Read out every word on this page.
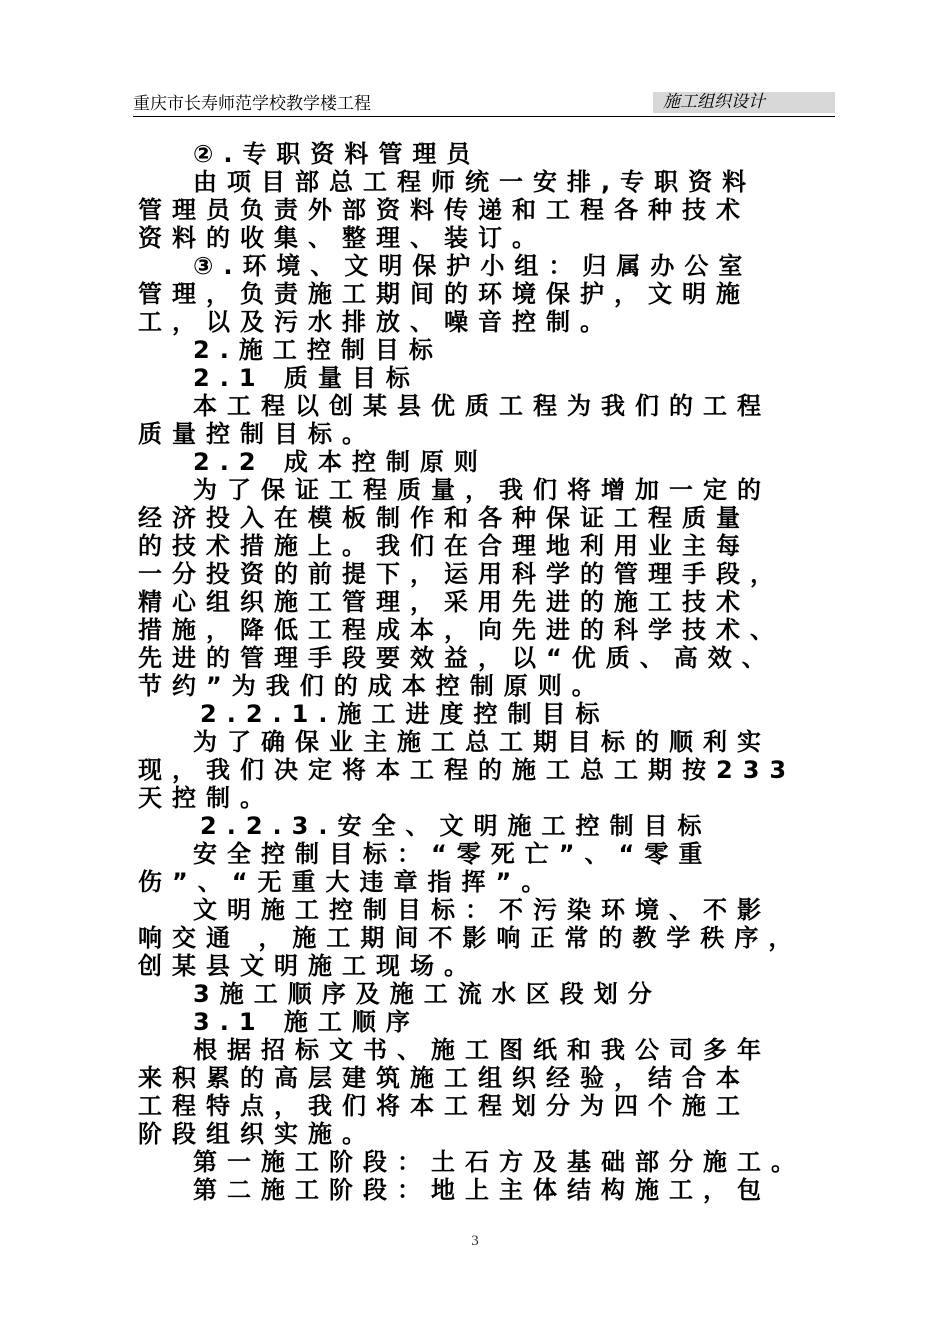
重庆市长寿师范学校教学楼工程	施工组织设计
②.专职资料管理员
由项目部总工程师统一安排,专职资料
管理员负责外部资料传递和工程各种技术
资料的收集、整理、装订。
③.环境、文明保护小组：归属办公室
管理，负责施工期间的环境保护，文明施
工，以及污水排放、噪音控制。
2.施工控制目标
2.1 质量目标
本工程以创某县优质工程为我们的工程
质量控制目标。
2.2 成本控制原则
为了保证工程质量，我们将增加一定的
经济投入在模板制作和各种保证工程质量
的技术措施上。我们在合理地利用业主每
一分投资的前提下，运用科学的管理手段，
精心组织施工管理，采用先进的施工技术
措施，降低工程成本，向先进的科学技术、
先进的管理手段要效益，以“优质、高效、
节约”为我们的成本控制原则。
2.2.1.施工进度控制目标
为了确保业主施工总工期目标的顺利实
现，我们决定将本工程的施工总工期按233
天控制。
2.2.3.安全、文明施工控制目标
安全控制目标：“零死亡”、“零重
伤”、“无重大违章指挥”。
文明施工控制目标：不污染环境、不影
响交通 ，施工期间不影响正常的教学秩序，
创某县文明施工现场。
3施工顺序及施工流水区段划分
3.1 施工顺序
根据招标文书、施工图纸和我公司多年
来积累的高层建筑施工组织经验，结合本
工程特点，我们将本工程划分为四个施工
阶段组织实施。
第一施工阶段：土石方及基础部分施工。
第二施工阶段：地上主体结构施工，包
3
